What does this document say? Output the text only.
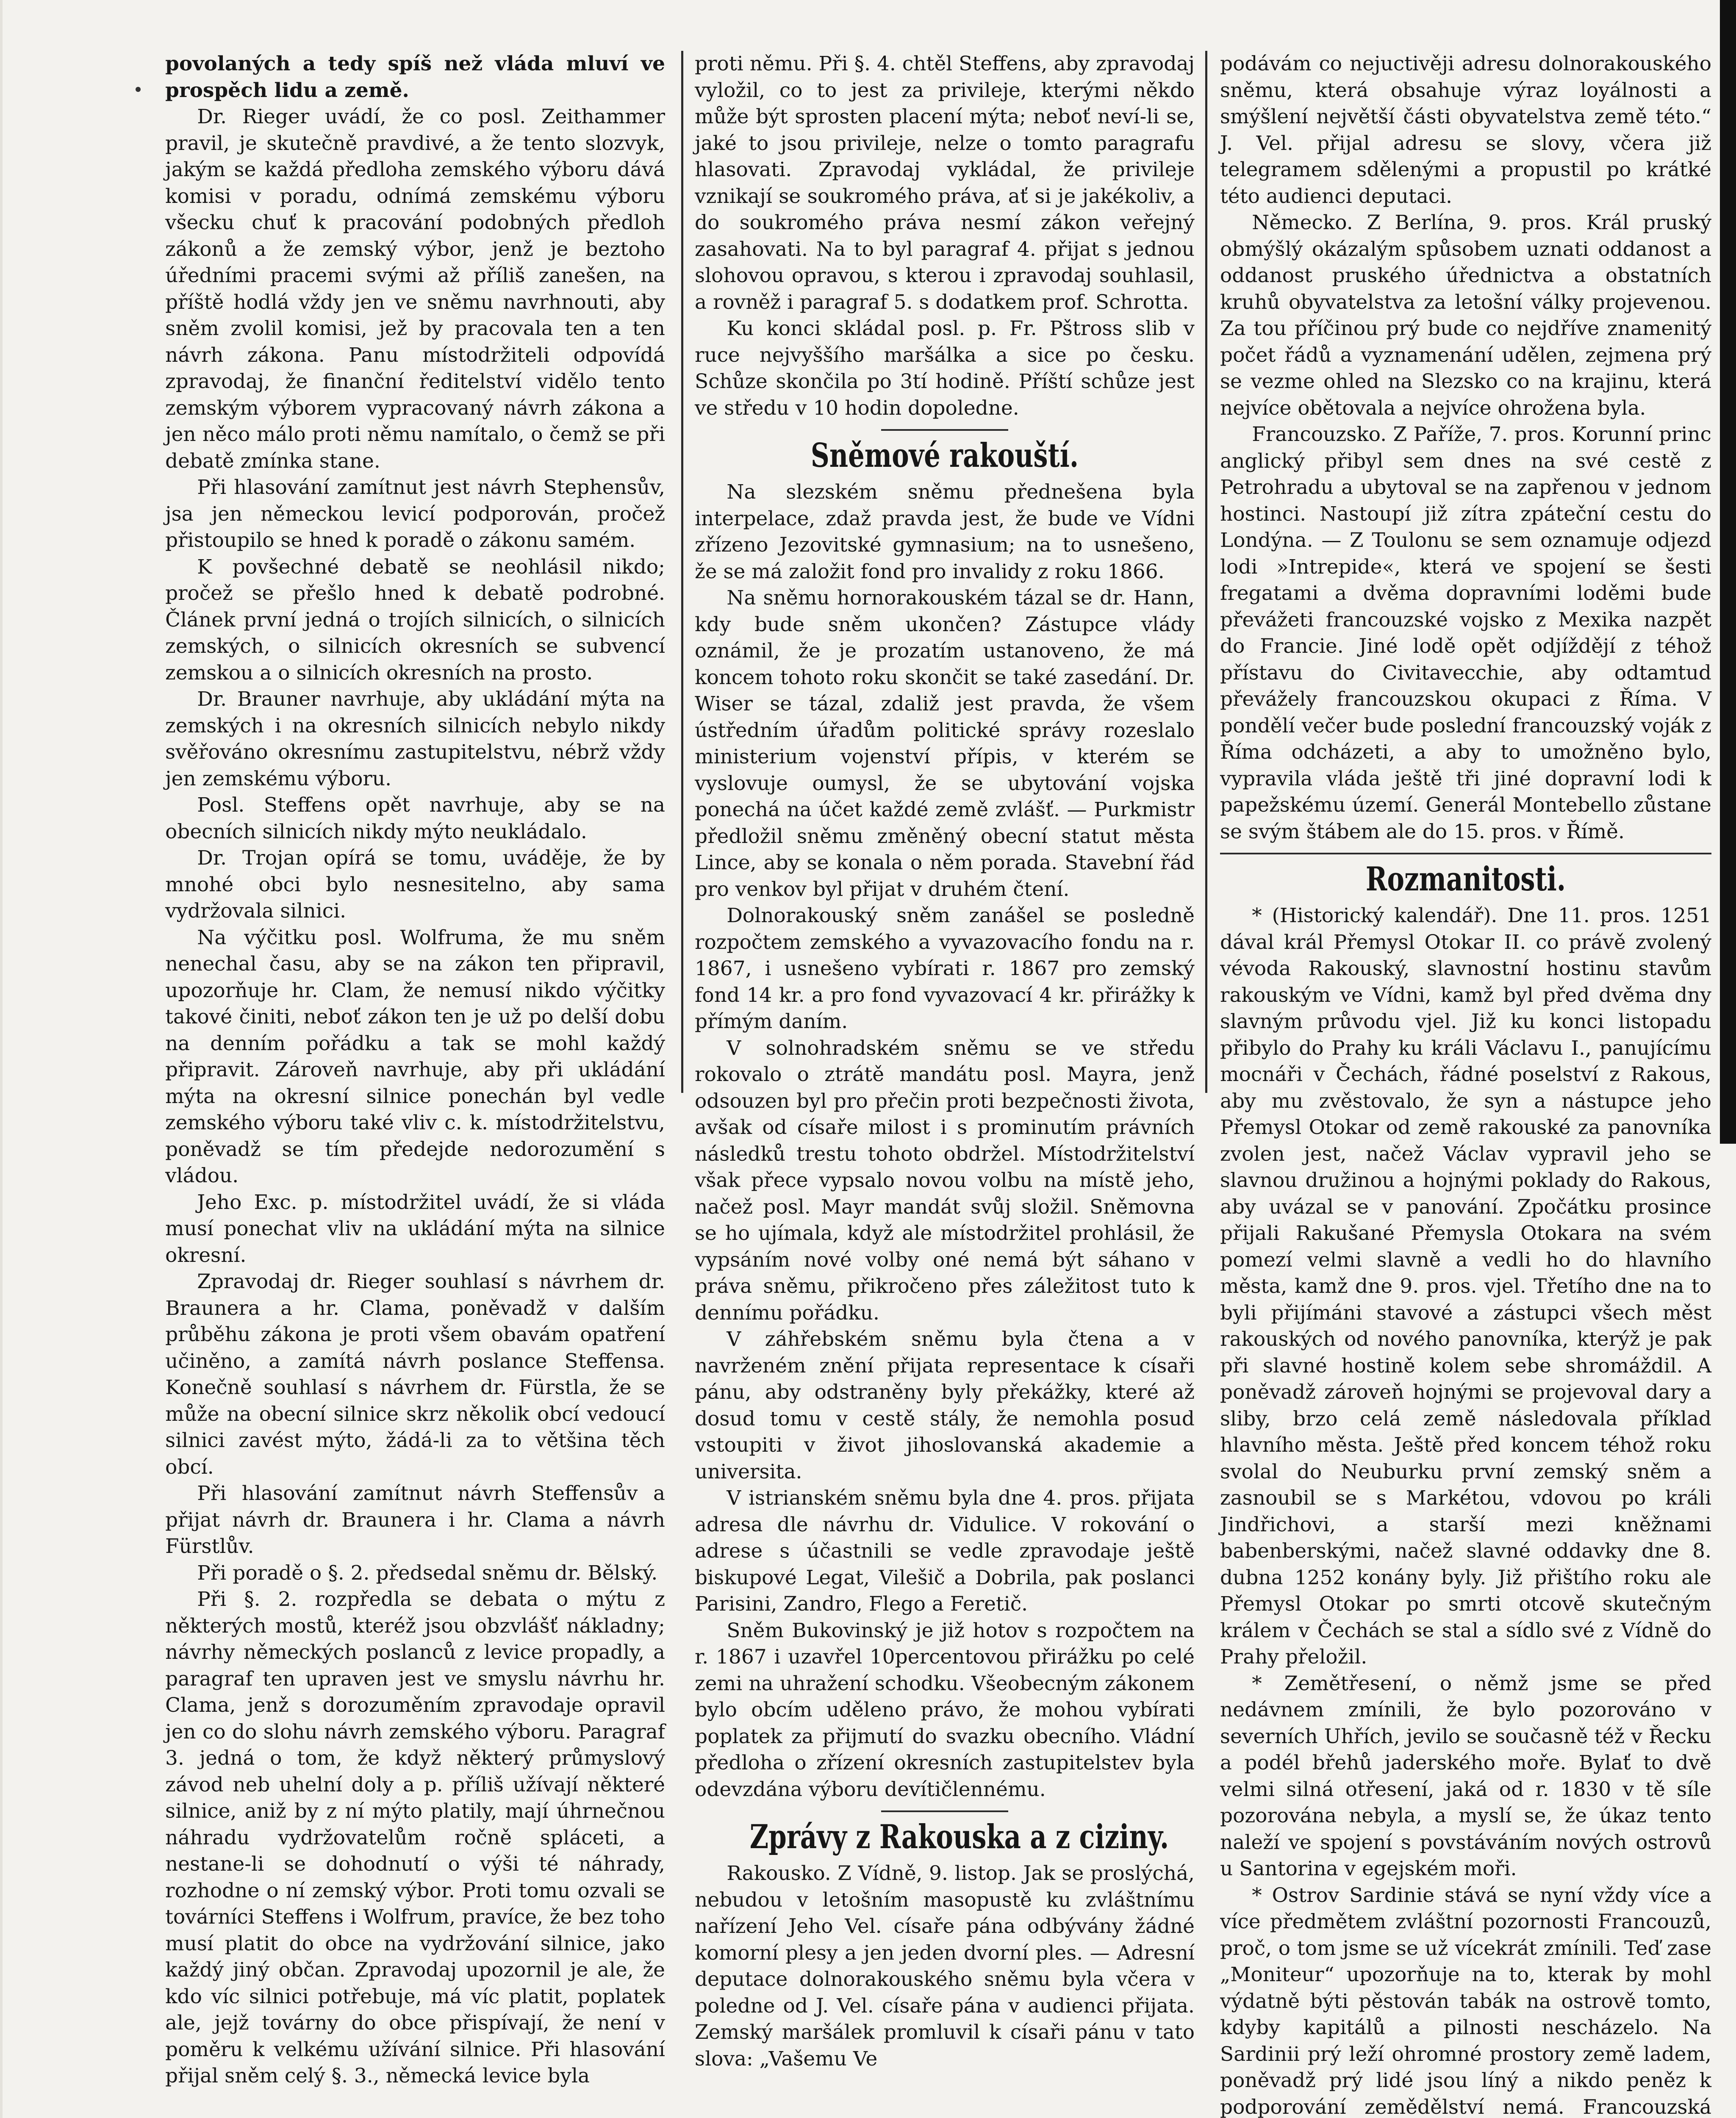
povolaných a tedy spíš než vláda mluví ve prospěch lidu a země.

Dr. Rieger uvádí, že co posl. Zeithammer pravil, je skutečně pravdivé, a že tento slozvyk, jakým se každá předloha zemského výboru dává komisi v poradu, odnímá zemskému výboru všecku chuť k pracování podobných předloh zákonů a že zemský výbor, jenž je beztoho úředními pracemi svými až příliš zanešen, na příště hodlá vždy jen ve sněmu navrhnouti, aby sněm zvolil komisi, jež by pracovala ten a ten návrh zákona. Panu místodržiteli odpovídá zpravodaj, že finanční ředitelství vidělo tento zemským výborem vypracovaný návrh zákona a jen něco málo proti němu namítalo, o čemž se při debatě zmínka stane.

Při hlasování zamítnut jest návrh Stephensův, jsa jen německou levicí podporován, pročež přistoupilo se hned k poradě o zákonu samém.

K povšechné debatě se neohlásil nikdo; pročež se přešlo hned k debatě podrobné. Článek první jedná o trojích silnicích, o silnicích zemských, o silnicích okresních se subvencí zemskou a o silnicích okresních na prosto.

Dr. Brauner navrhuje, aby ukládání mýta na zemských i na okresních silnicích nebylo nikdy svěřováno okresnímu zastupitelstvu, nébrž vždy jen zemskému výboru.

Posl. Steffens opět navrhuje, aby se na obecních silnicích nikdy mýto neukládalo.

Dr. Trojan opírá se tomu, uváděje, že by mnohé obci bylo nesnesitelno, aby sama vydržovala silnici.

Na výčitku posl. Wolfruma, že mu sněm nenechal času, aby se na zákon ten připravil, upozorňuje hr. Clam, že nemusí nikdo výčitky takové činiti, neboť zákon ten je už po delší dobu na denním pořádku a tak se mohl každý připravit. Zároveň navrhuje, aby při ukládání mýta na okresní silnice ponechán byl vedle zemského výboru také vliv c. k. místodržitelstvu, poněvadž se tím předejde nedorozumění s vládou.

Jeho Exc. p. místodržitel uvádí, že si vláda musí ponechat vliv na ukládání mýta na silnice okresní.

Zpravodaj dr. Rieger souhlasí s návrhem dr. Braunera a hr. Clama, poněvadž v dalším průběhu zákona je proti všem obavám opatření učiněno, a zamítá návrh poslance Steffensa. Konečně souhlasí s návrhem dr. Fürstla, že se může na obecní silnice skrz několik obcí vedoucí silnici zavést mýto, žádá-li za to většina těch obcí.

Při hlasování zamítnut návrh Steffensův a přijat návrh dr. Braunera i hr. Clama a návrh Fürstlův.

Při poradě o §. 2. předsedal sněmu dr. Bělský.

Při §. 2. rozpředla se debata o mýtu z některých mostů, kteréž jsou obzvlášť nákladny; návrhy německých poslanců z levice propadly, a paragraf ten upraven jest ve smyslu návrhu hr. Clama, jenž s dorozuměním zpravodaje opravil jen co do slohu návrh zemského výboru. Paragraf 3. jedná o tom, že když některý průmyslový závod neb uhelní doly a p. příliš užívají některé silnice, aniž by z ní mýto platily, mají úhrnečnou náhradu vydržovatelům ročně spláceti, a nestane-li se dohodnutí o výši té náhrady, rozhodne o ní zemský výbor. Proti tomu ozvali se továrníci Steffens i Wolfrum, pravíce, že bez toho musí platit do obce na vydržování silnice, jako každý jiný občan. Zpravodaj upozornil je ale, že kdo víc silnici potřebuje, má víc platit, poplatek ale, jejž továrny do obce přispívají, že není v poměru k velkému užívání silnice. Při hlasování přijal sněm celý §. 3., německá levice byla

proti němu. Při §. 4. chtěl Steffens, aby zpravodaj vyložil, co to jest za privileje, kterými někdo může být sprosten placení mýta; neboť neví-li se, jaké to jsou privileje, nelze o tomto paragrafu hlasovati. Zpravodaj vykládal, že privileje vznikají se soukromého práva, ať si je jakékoliv, a do soukromého práva nesmí zákon veřejný zasahovati. Na to byl paragraf 4. přijat s jednou slohovou opravou, s kterou i zpravodaj souhlasil, a rovněž i paragraf 5. s dodatkem prof. Schrotta.

Ku konci skládal posl. p. Fr. Pštross slib v ruce nejvyššího maršálka a sice po česku. Schůze skončila po 3tí hodině. Příští schůze jest ve středu v 10 hodin dopoledne.

Sněmové rakouští.

Na slezském sněmu přednešena byla interpelace, zdaž pravda jest, že bude ve Vídni zřízeno Jezovitské gymnasium; na to usnešeno, že se má založit fond pro invalidy z roku 1866.

Na sněmu hornorakouském tázal se dr. Hann, kdy bude sněm ukončen? Zástupce vlády oznámil, že je prozatím ustanoveno, že má koncem tohoto roku skončit se také zasedání. Dr. Wiser se tázal, zdaliž jest pravda, že všem ústředním úřadům politické správy rozeslalo ministerium vojenství přípis, v kterém se vyslovuje oumysl, že se ubytování vojska ponechá na účet každé země zvlášť. — Purkmistr předložil sněmu změněný obecní statut města Lince, aby se konala o něm porada. Stavební řád pro venkov byl přijat v druhém čtení.

Dolnorakouský sněm zanášel se posledně rozpočtem zemského a vyvazovacího fondu na r. 1867, i usnešeno vybírati r. 1867 pro zemský fond 14 kr. a pro fond vyvazovací 4 kr. přirážky k přímým daním.

V solnohradském sněmu se ve středu rokovalo o ztrátě mandátu posl. Mayra, jenž odsouzen byl pro přečin proti bezpečnosti života, avšak od císaře milost i s prominutím právních následků trestu tohoto obdržel. Místodržitelství však přece vypsalo novou volbu na místě jeho, načež posl. Mayr mandát svůj složil. Sněmovna se ho ujímala, když ale místodržitel prohlásil, že vypsáním nové volby oné nemá být sáhano v práva sněmu, přikročeno přes záležitost tuto k dennímu pořádku.

V záhřebském sněmu byla čtena a v navrženém znění přijata representace k císaři pánu, aby odstraněny byly překážky, které až dosud tomu v cestě stály, že nemohla posud vstoupiti v život jihoslovanská akademie a universita.

V istrianském sněmu byla dne 4. pros. přijata adresa dle návrhu dr. Vidulice. V rokování o adrese s účastnili se vedle zpravodaje ještě biskupové Legat, Vilešič a Dobrila, pak poslanci Parisini, Zandro, Flego a Feretič.

Sněm Bukovinský je již hotov s rozpočtem na r. 1867 i uzavřel 10percentovou přirážku po celé zemi na uhražení schodku. Všeobecným zákonem bylo obcím uděleno právo, že mohou vybírati poplatek za přijmutí do svazku obecního. Vládní předloha o zřízení okresních zastupitelstev byla odevzdána výboru devítičlennému.

Zprávy z Rakouska a z ciziny.

Rakousko. Z Vídně, 9. listop. Jak se proslýchá, nebudou v letošním masopustě ku zvláštnímu nařízení Jeho Vel. císaře pána odbývány žádné komorní plesy a jen jeden dvorní ples. — Adresní deputace dolnorakouského sněmu byla včera v poledne od J. Vel. císaře pána v audienci přijata. Zemský maršálek promluvil k císaři pánu v tato slova: „Vašemu Ve

podávám co nejuctivěji adresu dolnorakouského sněmu, která obsahuje výraz loyálnosti a smýšlení největší části obyvatelstva země této.“ J. Vel. přijal adresu se slovy, včera již telegramem sdělenými a propustil po krátké této audienci deputaci.

Německo. Z Berlína, 9. pros. Král pruský obmýšlý okázalým spůsobem uznati oddanost a oddanost pruského úřednictva a obstatních kruhů obyvatelstva za letošní války projevenou. Za tou příčinou prý bude co nejdříve znamenitý počet řádů a vyznamenání udělen, zejmena prý se vezme ohled na Slezsko co na krajinu, která nejvíce obětovala a nejvíce ohrožena byla.

Francouzsko. Z Paříže, 7. pros. Korunní princ anglický přibyl sem dnes na své cestě z Petrohradu a ubytoval se na zapřenou v jednom hostinci. Nastoupí již zítra zpáteční cestu do Londýna. — Z Toulonu se sem oznamuje odjezd lodi »Intrepide«, která ve spojení se šesti fregatami a dvěma dopravními loděmi bude převážeti francouzské vojsko z Mexika nazpět do Francie. Jiné lodě opět odjíždějí z téhož přístavu do Civitavecchie, aby odtamtud převážely francouzskou okupaci z Říma. V pondělí večer bude poslední francouzský voják z Říma odcházeti, a aby to umožněno bylo, vypravila vláda ještě tři jiné dopravní lodi k papežskému území. Generál Montebello zůstane se svým štábem ale do 15. pros. v Římě.

Rozmanitosti.

* (Historický kalendář). Dne 11. pros. 1251 dával král Přemysl Otokar II. co právě zvolený vévoda Rakouský, slavnostní hostinu stavům rakouským ve Vídni, kamž byl před dvěma dny slavným průvodu vjel. Již ku konci listopadu přibylo do Prahy ku králi Václavu I., panujícímu mocnáři v Čechách, řádné poselství z Rakous, aby mu zvěstovalo, že syn a nástupce jeho Přemysl Otokar od země rakouské za panovníka zvolen jest, načež Václav vypravil jeho se slavnou družinou a hojnými poklady do Rakous, aby uvázal se v panování. Zpočátku prosince přijali Rakušané Přemysla Otokara na svém pomezí velmi slavně a vedli ho do hlavního města, kamž dne 9. pros. vjel. Třetího dne na to byli přijímáni stavové a zástupci všech měst rakouských od nového panovníka, kterýž je pak při slavné hostině kolem sebe shromáždil. A poněvadž zároveň hojnými se projevoval dary a sliby, brzo celá země následovala příklad hlavního města. Ještě před koncem téhož roku svolal do Neuburku první zemský sněm a zasnoubil se s Markétou, vdovou po králi Jindřichovi, a starší mezi kněžnami babenberskými, načež slavné oddavky dne 8. dubna 1252 konány byly. Již přištího roku ale Přemysl Otokar po smrti otcově skutečným králem v Čechách se stal a sídlo své z Vídně do Prahy přeložil.

* Zemětřesení, o němž jsme se před nedávnem zmínili, že bylo pozorováno v severních Uhřích, jevilo se současně též v Řecku a podél břehů jaderského moře. Bylať to dvě velmi silná otřesení, jaká od r. 1830 v tě síle pozorována nebyla, a myslí se, že úkaz tento naleží ve spojení s povstáváním nových ostrovů u Santorina v egejském moři.

* Ostrov Sardinie stává se nyní vždy více a více předmětem zvláštní pozornosti Francouzů, proč, o tom jsme se už vícekrát zmínili. Teď zase „Moniteur“ upozorňuje na to, kterak by mohl výdatně býti pěstován tabák na ostrově tomto, kdyby kapitálů a pilnosti nescházelo. Na Sardinii prý leží ohromné prostory země ladem, poněvadž prý lidé jsou líný a nikdo peněz k podporování zemědělství nemá. Francouzská
